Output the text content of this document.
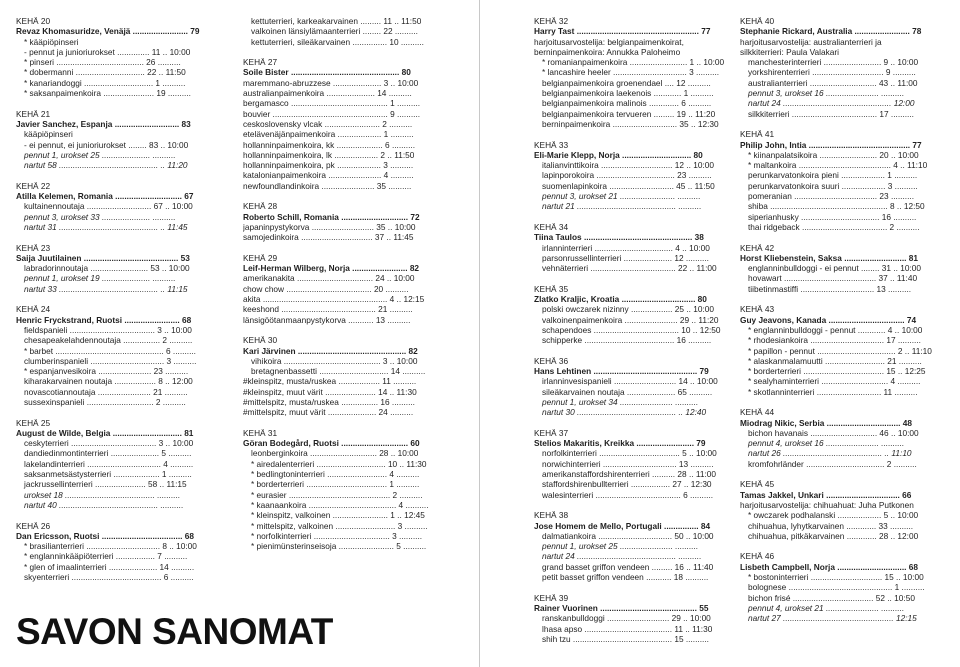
KEHÄ 20
Revaz Khomasuridze, Venäjä ........................ 79
* kääpiöpinseri
- pennut ja junioriurokset .............. 11 .. 10:00
* pinseri ...................................... 26 ..........
* dobermanni .............................. 22 .. 11:50
* kanariandoggi .............................. 1 ..........
* saksanpaimenkoira ...................... 19 ..........
KEHÄ 21
Javier Sanchez, Espanja ............................ 83
kääpiöpinseri
- ei pennut, ei junioriurokset ........ 83 .. 10:00
pennut 1, urokset 25 ..................... ..........
nartut 58 ........................................... .. 11:20
KEHÄ 22
Atilla Kelemen, Romania ............................. 67
kultainennoutaja ............................ 67 .. 10:00
pennut 3, urokset 33 ..................... ..........
nartut 31 ........................................... .. 11:45
KEHÄ 23
Saija Juutilainen ......................................... 53
labradorinnoutaja ......................... 53 .. 10:00
pennut 1, urokset 19 ..................... ..........
nartut 33 ........................................... .. 11:15
KEHÄ 24
Henric Fryckstrand, Ruotsi ........................ 68
fieldspanieli ..................................... 3 .. 10:00
chesapeakelahdennoutaja ................ 2 ..........
* barbet ............................................... 6 ..........
clumberinspanieli ................................ 3 ..........
* espanjanvesikoira ....................... 23 ..........
kiharakarvainen noutaja .................. 8 .. 12:00
novascotiannoutaja ....................... 21 ..........
sussexinspanieli ............................. 2 ..........
KEHÄ 25
August de Wilde, Belgia .............................. 81
ceskyterrieri ..................................... 3 .. 10:00
dandiedinmontinterrieri ..................... 5 ..........
lakelandinterrieri ................................ 4 ..........
saksanmetsästysterrieri .................... 1 ..........
jackrussellinterrieri ...................... 58 .. 11:15
urokset 18 ....................................... ..........
nartut 40 ........................................... ..........
KEHÄ 26
Dan Ericsson, Ruotsi ................................... 68
* brasilianterrieri ................................ 8 .. 10:00
* englanninkääpiöterrieri ................. 7 ..........
* glen of imaalinterrieri ..................... 14 ..........
skyenterrieri ....................................... 6 ..........
kettuterrieri, karkeakarvainen ......... 11 .. 11:50
valkoinen länsiylämaanterrieri ........ 22 ..........
kettuterrieri, sileäkarvainen ............... 10 ..........
KEHÄ 27
Soile Bister ............................................... 80
maremmano-abruzzese ..................... 3 .. 10:00
australianpaimenkoira ..................... 14 ..........
bergamasco .......................................... 1 ..........
bouvier .................................................. 9 ..........
ceskoslovensky vlcak ........................ 2 ..........
etelävenäjänpaimenkoira ................... 1 ..........
hollanninpaimenkoira, kk .................... 6 ..........
hollanninpaimenkoira, lk ................... 2 .. 11:50
hollanninpaimenkoira, pk ................... 3 ..........
katalonianpaimenkoira ....................... 4 ..........
newfoundlandinkoira ....................... 35 ..........
KEHÄ 28
Roberto Schill, Romania ............................. 72
japaninpystykorva ........................... 35 .. 10:00
samojedinkoira ............................... 37 .. 11:45
KEHÄ 29
Leif-Herman Wilberg, Norja ........................ 82
amerikanakita ................................. 24 .. 10:00
chow chow ..................................... 20 ..........
akita ...................................................... 4 .. 12:15
keeshond ......................................... 21 ..........
länsigöötanmaanpystykorva ........... 13 ..........
KEHÄ 30
Kari Järvinen ............................................... 82
vihikoira .......................................... 3 .. 10:00
bretagnenbassetti .............................. 14 ..........
#kleinspitz, musta/ruskea .................. 11 ..........
#kleinspitz, muut värit ...................... 14 .. 11:30
#mittelspitz, musta/ruskea ................ 16 ..........
#mittelspitz, muut värit ..................... 24 ..........
KEHÄ 31
Göran Bodegård, Ruotsi ............................. 60
leonberginkoira ............................. 28 .. 10:00
* airedalenterrieri .............................. 10 .. 11:30
* bedlingtoninterrieri .......................... 4 ..........
* borderterrieri ................................... 1 ..........
* eurasier ............................................ 2 ..........
* kaanaankoira ...................................... 4 ..........
* kleinspitz, valkoinen ........................ 1 .. 12:45
* mittelspitz, valkoinen .......................... 3 ..........
* norfolkinterrieri ................................. 3 ..........
* pienimünsterinseisoja ........................ 5 ..........
SAVON SANOMAT
KEHÄ 32
Harry Tast ..................................................... 77
harjoitusarvostelija: belgianpaimenkoirat,
berninpaimenkoira: Annukka Paloheimo
* romanianpaimenkoira ......................... 1 .. 10:00
* lancashire heeler ................................ 3 ..........
belgianpaimenkoira groenendael .... 12 ..........
belgianpaimenkoira laekenois ............ 1 ..........
belgianpaimenkoira malinois ............. 6 ..........
belgianpaimenkoira tervueren ......... 19 .. 11:20
berninpaimenkoira ............................ 35 .. 12:30
KEHÄ 33
Eli-Marie Klepp, Norja .............................. 80
italianvinttikoira ............................... 12 .. 10:00
lapinporokoira .................................. 23 ..........
suomenlapinkoira ............................ 45 .. 11:50
pennut 3, urokset 21 ........................ ..........
nartut 21 ........................................... ..........
KEHÄ 34
Tiina Taulos ............................................... 38
irlanninterrieri .................................. 4 .. 10:00
parsonrussellinterrieri ..................... 12 ..........
vehnäterrieri ..................................... 22 .. 11:00
KEHÄ 35
Zlatko Kraljic, Kroatia ................................ 80
polski owczarek nizinny .................. 25 .. 10:00
valkoinenpaimenkoira ....................... 29 .. 11:20
schapendoes ..................................... 10 .. 12:50
schipperke ....................................... 16 ..........
KEHÄ 36
Hans Lehtinen ............................................. 79
irlanninvesispanieli ........................... 14 .. 10:00
sileäkarvainen noutaja ..................... 65 ..........
pennut 1, urokset 34 ....................... ..........
nartut 30 ........................................... .. 12:40
KEHÄ 37
Stelios Makaritis, Kreikka ......................... 79
norfolkinterrieri ................................... 5 .. 10:00
norwichinterrieri ................................ 13 ..........
amerikanstaffordshirenterrieri .......... 28 .. 11:00
staffordshirenbullterrieri ................. 27 .. 12:30
walesinterrieri ..................................... 6 ..........
KEHÄ 38
Jose Homem de Mello, Portugali ............... 84
dalmatiankoira ................................ 50 .. 10:00
pennut 1, urokset 25 ....................... ..........
nartut 24 ........................................... ..........
grand basset griffon vendeen ......... 16 .. 11:40
petit basset griffon vendeen ........... 18 ..........
KEHÄ 39
Rainer Vuorinen .......................................... 55
ranskanbulldoggi ........................... 29 .. 10:00
lhasa apso ...................................... 11 .. 11:30
shih tzu ........................................... 15 ..........
KEHÄ 40
Stephanie Rickard, Australia ........................ 78
harjoitusarvostelija: australianterrieri ja
silkkiterrieri: Paula Valakari
manchesterinterrieri ......................... 9 .. 10:00
yorkshirenterrieri ............................... 9 ..........
australianterrieri ............................. 43 .. 11:00
pennut 3, urokset 16 ....................... ..........
nartut 24 ............................................... 12:00
silkkiterrieri ..................................... 17 ..........
KEHÄ 41
Philip John, Intia ............................................ 77
* kiinanpalatsikoira ......................... 20 .. 10:00
* maltankoira ........................................ 4 .. 11:10
perunkarvatonkoira pieni ................... 1 ..........
perunkarvatonkoira suuri ................... 3 ..........
pomeranian .................................... 23 ..........
shiba ................................................... 8 .. 12:50
siperianhusky .................................. 16 ..........
thai ridgeback ..................................... 2 ..........
KEHÄ 42
Horst Kliebenstein, Saksa ........................... 81
englanninbulldoggi - ei pennut ........ 31 .. 10:00
hovawart ........................................ 37 .. 11:40
tiibetinmastiffi ................................ 13 ..........
KEHÄ 43
Guy Jeavons, Kanada ................................. 74
* englanninbulldoggi - pennut ............ 4 .. 10:00
* rhodesiankoira ................................ 17 ..........
* papillon - pennut .................................. 2 .. 11:10
* alaskanmalamuutti .......................... 21 ..........
* borderterrieri ................................... 15 .. 12:25
* sealyhaminterrieri ............................. 4 ..........
* skotlanninterrieri ............................ 11 ..........
KEHÄ 44
Miodrag Nikic, Serbia ................................ 48
bichon havanais ............................. 46 .. 10:00
pennut 4, urokset 16 ....................... ..........
nartut 26 ........................................... .. 11:10
kromfohrländer .................................. 2 ..........
KEHÄ 45
Tamas Jakkel, Unkari ................................ 66
harjoitusarvostelija: chihuahuat: Juha Putkonen
* owczarek podhalanski ................... 5 .. 10:00
chihuahua, lyhytkarvainen ............. 33 ..........
chihuahua, pitkäkarvainen ............. 28 .. 12:00
KEHÄ 46
Lisbeth Campbell, Norja .............................. 68
* bostoninterrieri ............................... 15 .. 10:00
bolognese ............................................. 1 ..........
bichon frisé ................................... 52 .. 10:50
pennut 4, urokset 21 ....................... ..........
nartut 27 ................................................ 12:15
